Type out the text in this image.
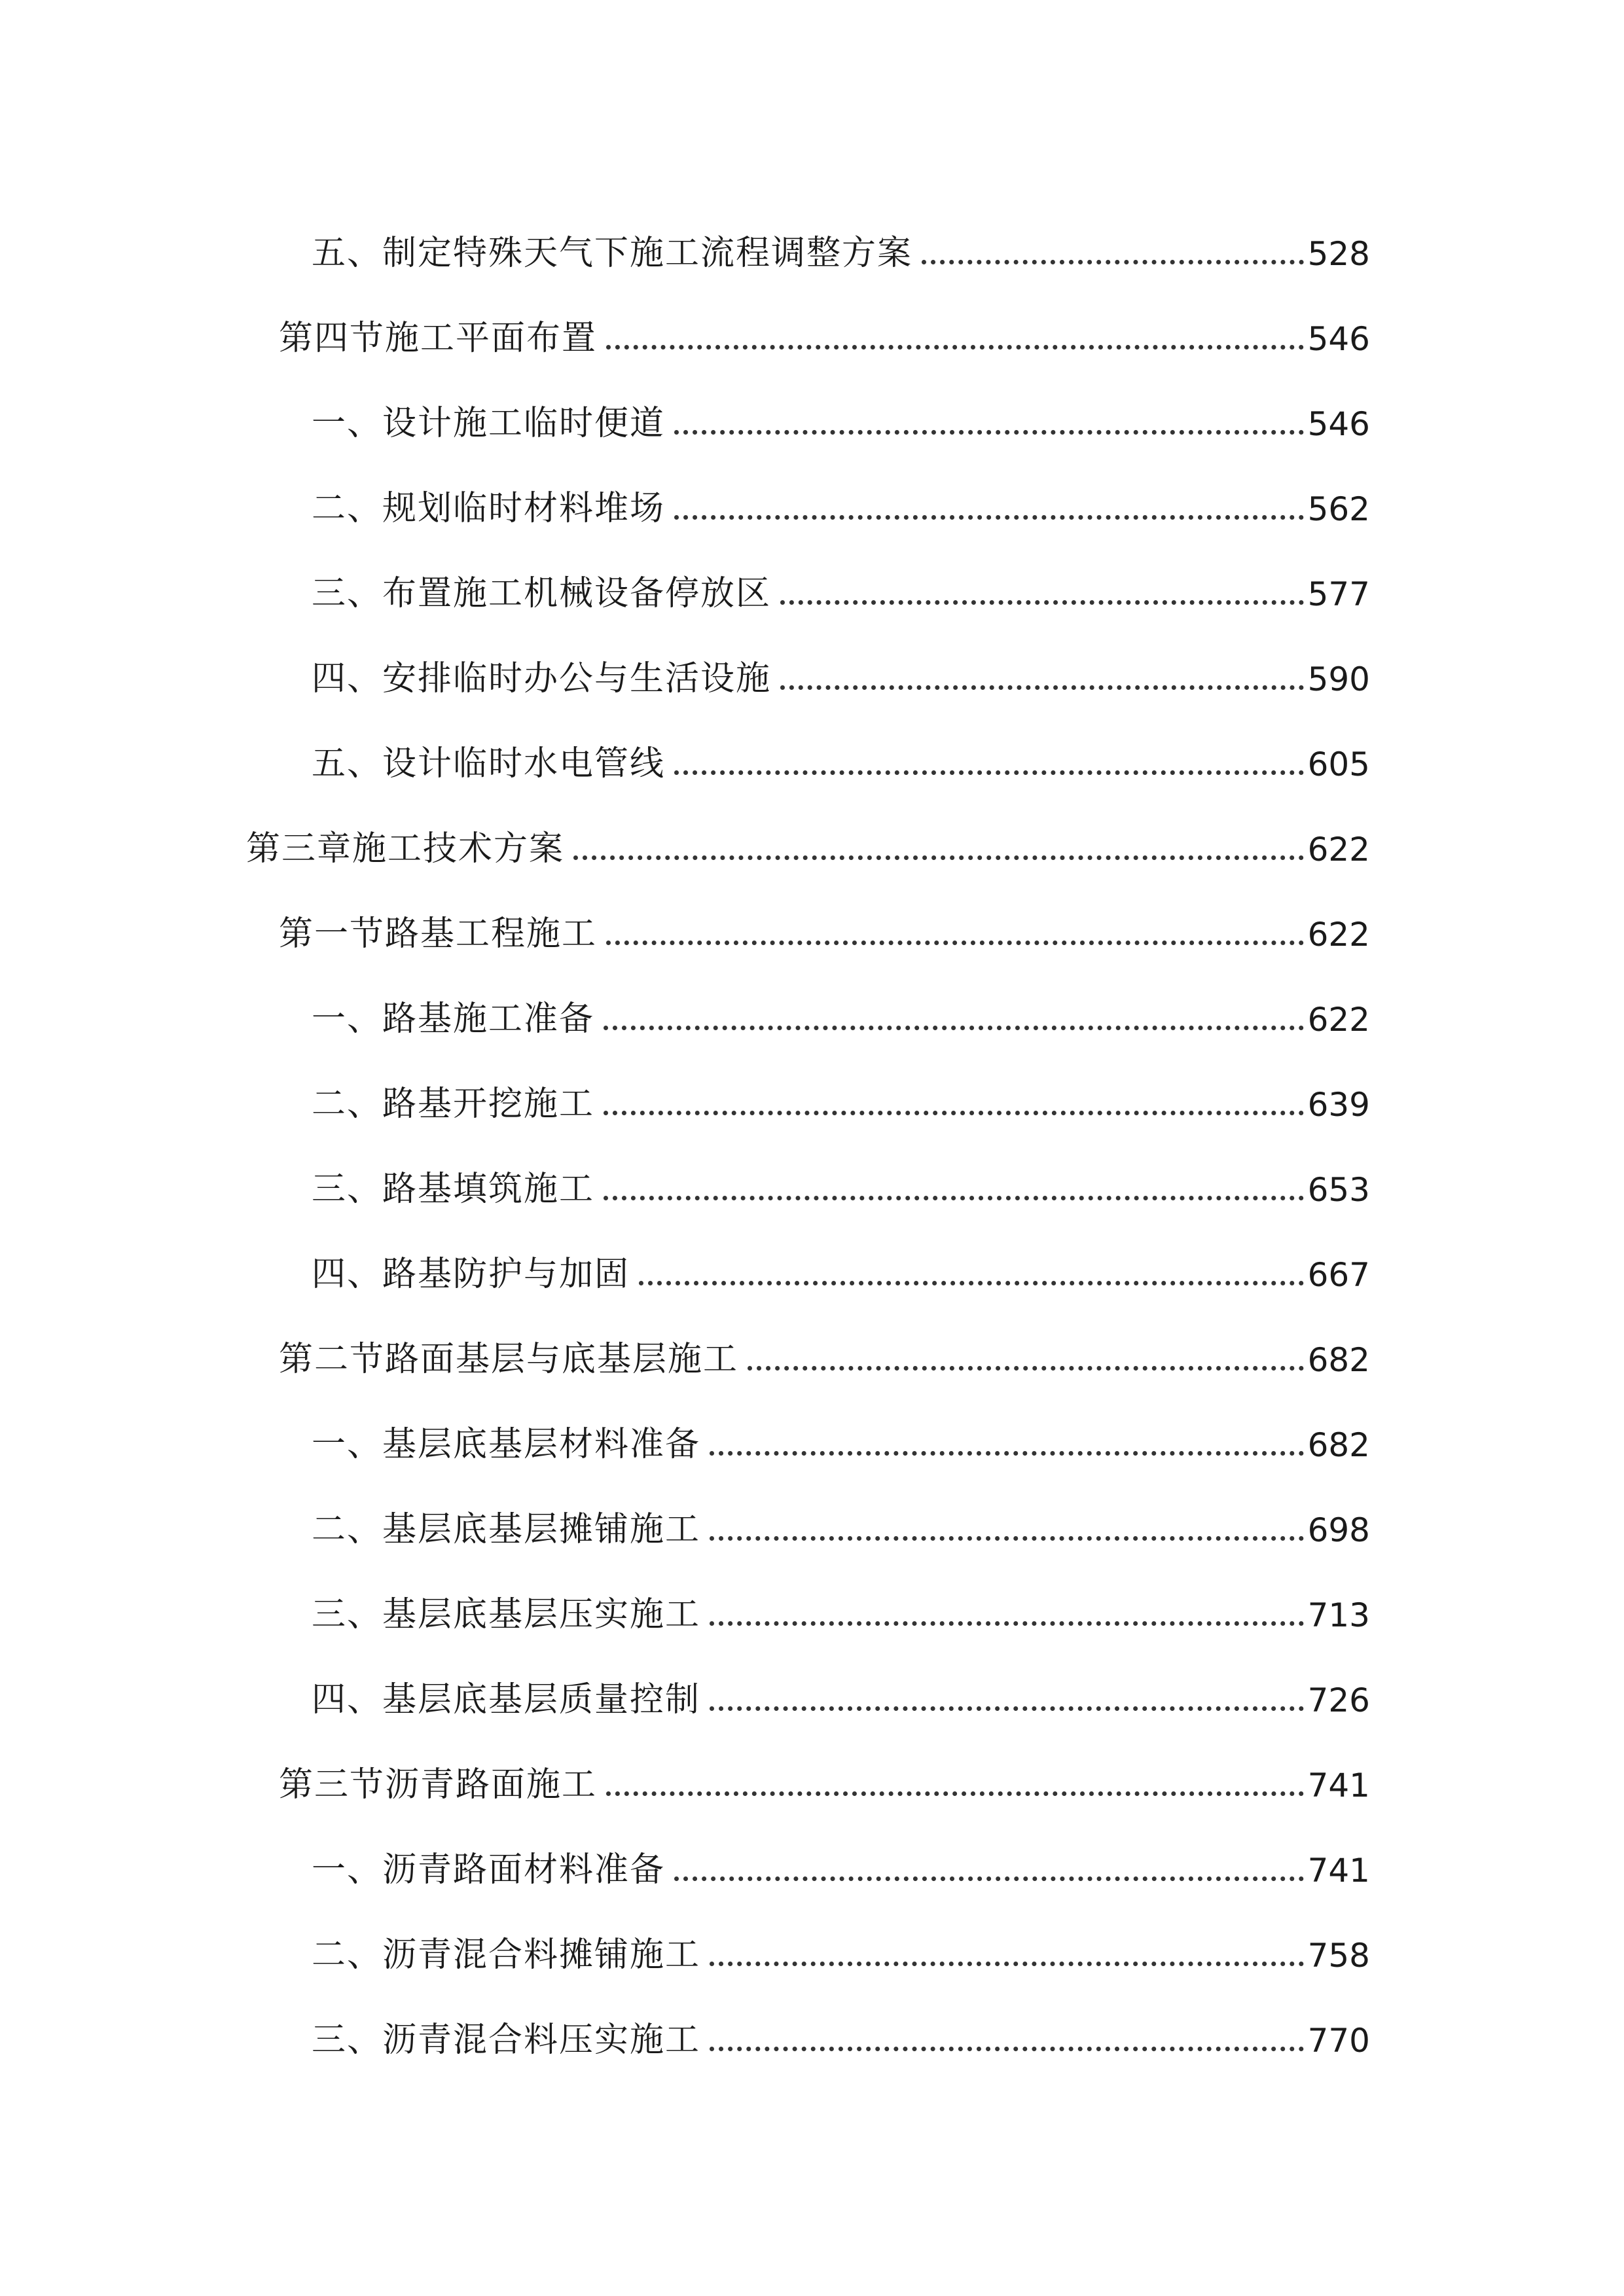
五、制定特殊天气下施工流程调整方案	528
第四节施工平面布置	546
一、设计施工临时便道	546
二、规划临时材料堆场	562
三、布置施工机械设备停放区	577
四、安排临时办公与生活设施	590
五、设计临时水电管线	605
第三章施工技术方案	622
第一节路基工程施工	622
一、路基施工准备	622
二、路基开挖施工	639
三、路基填筑施工	653
四、路基防护与加固	667
第二节路面基层与底基层施工	682
一、基层底基层材料准备	682
二、基层底基层摊铺施工	698
三、基层底基层压实施工	713
四、基层底基层质量控制	726
第三节沥青路面施工	741
一、沥青路面材料准备	741
二、沥青混合料摊铺施工	758
三、沥青混合料压实施工	770
